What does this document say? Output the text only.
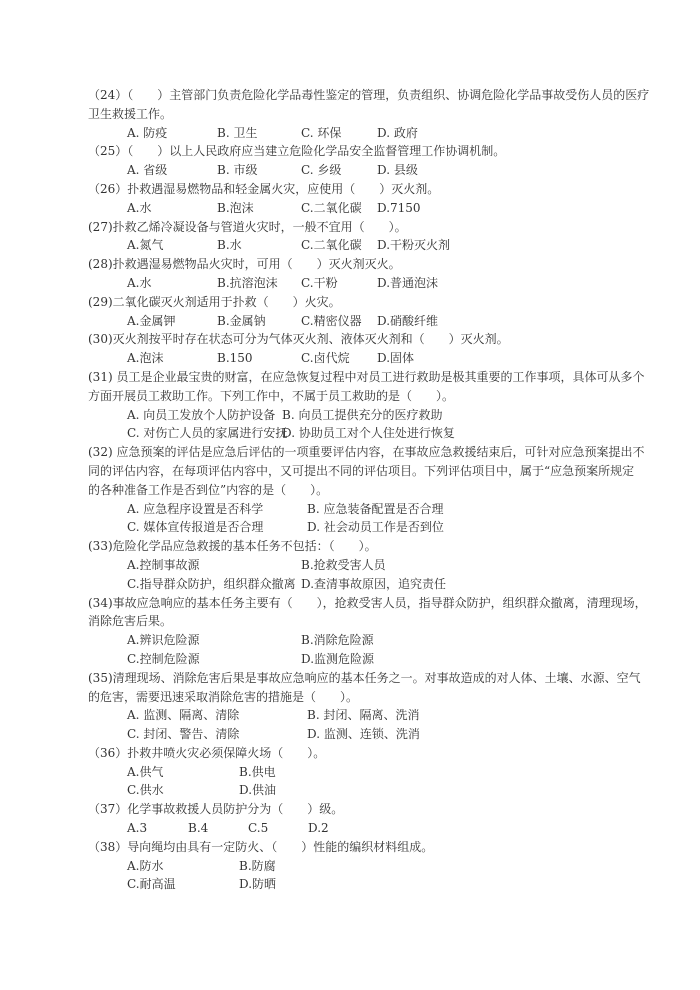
（24）（　　）主管部门负责危险化学品毒性鉴定的管理，负责组织、协调危险化学品事故受伤人员的医疗

卫生救援工作。

A. 防疫	B. 卫生	C. 环保	D. 政府

（25）（　　）以上人民政府应当建立危险化学品安全监督管理工作协调机制。

A. 省级	B. 市级	C. 乡级	D. 县级

（26）扑救遇湿易燃物品和轻金属火灾，应使用（　　）灭火剂。

A.水	B.泡沫	C.二氧化碳 D.7150

(27)扑救乙烯冷凝设备与管道火灾时，一般不宜用（　　）。

A.氮气	B.水	C.二氧化碳 D.干粉灭火剂

(28)扑救遇湿易燃物品火灾时，可用（　　）灭火剂灭火。

A.水	B.抗溶泡沫 C.干粉	D.普通泡沫

(29)二氧化碳灭火剂适用于扑救（　　）火灾。

A.金属钾	B.金属钠	C.精密仪器 D.硝酸纤维

(30)灭火剂按平时存在状态可分为气体灭火剂、液体灭火剂和（　　）灭火剂。

A.泡沫	B.150	C.卤代烷 D.固体

(31) 员工是企业最宝贵的财富，在应急恢复过程中对员工进行救助是极其重要的工作事项，具体可从多个

方面开展员工救助工作。下列工作中，不属于员工救助的是（　　）。

A. 向员工发放个人防护设备 B. 向员工提供充分的医疗救助

C. 对伤亡人员的家属进行安抚D. 协助员工对个人住处进行恢复

(32) 应急预案的评估是应急后评估的一项重要评估内容，在事故应急救援结束后，可针对应急预案提出不

同的评估内容，在每项评估内容中，又可提出不同的评估项目。下列评估项目中，属于“应急预案所规定

的各种准备工作是否到位”内容的是（　　）。

A. 应急程序设置是否科学	B. 应急装备配置是否合理

C. 媒体宣传报道是否合理	D. 社会动员工作是否到位

(33)危险化学品应急救援的基本任务不包括：（　　）。

A.控制事故源	B.抢救受害人员

C.指导群众防护，组织群众撤离 D.查清事故原因，追究责任

(34)事故应急响应的基本任务主要有（　　），抢救受害人员，指导群众防护，组织群众撤离，清理现场，

消除危害后果。

A.辨识危险源	B.消除危险源

C.控制危险源	D.监测危险源

(35)清理现场、消除危害后果是事故应急响应的基本任务之一。对事故造成的对人体、土壤、水源、空气

的危害，需要迅速采取消除危害的措施是（　　）。

A. 监测、隔离、清除	B. 封闭、隔离、洗消

C. 封闭、警告、清除	D. 监测、连锁、洗消

（36）扑救井喷火灾必须保障火场（　　）。

A.供气	B.供电

C.供水	D.供油

（37）化学事故救援人员防护分为（　　）级。

A.3	B.4	C.5	D.2

（38）导向绳均由具有一定防火、（　　）性能的编织材料组成。

A.防水	B.防腐

C.耐高温	D.防晒
